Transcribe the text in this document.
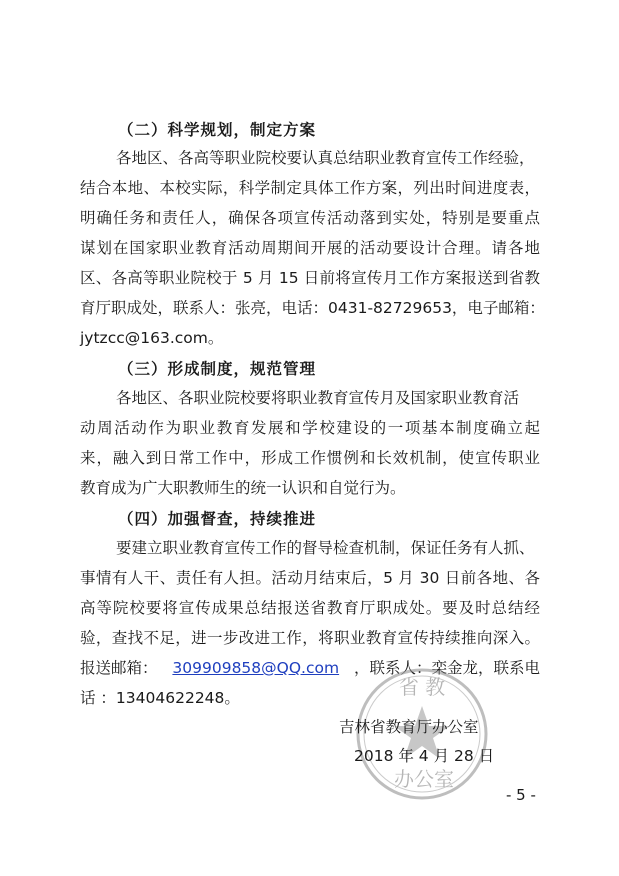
（二）科学规划，制定方案
各地区、各高等职业院校要认真总结职业教育宣传工作经验，
结合本地、本校实际，科学制定具体工作方案，列出时间进度表，
明确任务和责任人，确保各项宣传活动落到实处，特别是要重点
谋划在国家职业教育活动周期间开展的活动要设计合理。请各地
区、各高等职业院校于 5 月 15 日前将宣传月工作方案报送到省教
育厅职成处，联系人：张亮，电话：0431-82729653，电子邮箱：
jytzcc@163.com。
（三）形成制度，规范管理
各地区、各职业院校要将职业教育宣传月及国家职业教育活
动周活动作为职业教育发展和学校建设的一项基本制度确立起
来，融入到日常工作中，形成工作惯例和长效机制，使宣传职业
教育成为广大职教师生的统一认识和自觉行为。
（四）加强督查，持续推进
要建立职业教育宣传工作的督导检查机制，保证任务有人抓、
事情有人干、责任有人担。活动月结束后，5 月 30 日前各地、各
高等院校要将宣传成果总结报送省教育厅职成处。要及时总结经
验，查找不足，进一步改进工作，将职业教育宣传持续推向深入。
报送邮箱： 309909858@QQ.com ，联系人：栾金龙，联系电
话 ：13404622248。	省 教
办公室
吉林省教育厅办公室
2018 年 4 月 28 日
- 5 -
